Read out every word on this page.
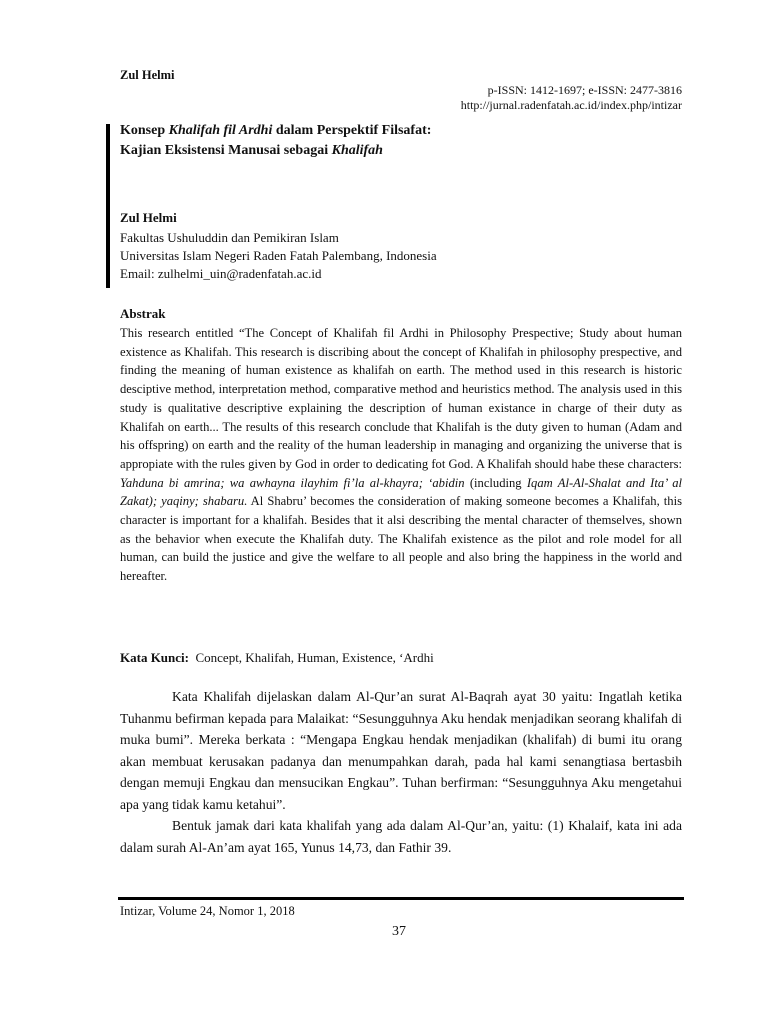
Zul Helmi
p-ISSN: 1412-1697; e-ISSN: 2477-3816
http://jurnal.radenfatah.ac.id/index.php/intizar
Konsep Khalifah fil Ardhi dalam Perspektif Filsafat:
Kajian Eksistensi Manusai sebagai Khalifah
Zul Helmi
Fakultas Ushuluddin dan Pemikiran Islam
Universitas Islam Negeri Raden Fatah Palembang, Indonesia
Email: zulhelmi_uin@radenfatah.ac.id
Abstrak

This research entitled “The Concept of Khalifah fil Ardhi in Philosophy Prespective; Study about human existence as Khalifah. This research is discribing about the concept of Khalifah in philosophy prespective, and finding the meaning of human existence as khalifah on earth. The method used in this research is historic desciptive method, interpretation method, comparative method and heuristics method. The analysis used in this study is qualitative descriptive explaining the description of human existance in charge of their duty as Khalifah on earth... The results of this research conclude that Khalifah is the duty given to human (Adam and his offspring) on earth and the reality of the human leadership in managing and organizing the universe that is appropiate with the rules given by God in order to dedicating fot God. A Khalifah should habe these characters: Yahduna bi amrina; wa awhayna ilayhim fi’la al-khayra; ‘abidin (including Iqam Al-Al-Shalat and Ita’ al Zakat); yaqiny; shabaru. Al Shabru’ becomes the consideration of making someone becomes a Khalifah, this character is important for a khalifah. Besides that it alsi describing the mental character of themselves, shown as the behavior when execute the Khalifah duty. The Khalifah existence as the pilot and role model for all human, can build the justice and give the welfare to all people and also bring the happiness in the world and hereafter.

Kata Kunci: Concept, Khalifah, Human, Existence, ‘Ardhi

Kata Khalifah dijelaskan dalam Al-Qur’an surat Al-Baqrah ayat 30 yaitu: Ingatlah ketika Tuhanmu befirman kepada para Malaikat: “Sesungguhnya Aku hendak menjadikan seorang khalifah di muka bumi”. Mereka berkata : “Mengapa Engkau hendak menjadikan (khalifah) di bumi itu orang akan membuat kerusakan padanya dan menumpahkan darah, pada hal kami senangtiasa bertasbih dengan memuji Engkau dan mensucikan Engkau”. Tuhan berfirman: “Sesungguhnya Aku mengetahui apa yang tidak kamu ketahui”.

Bentuk jamak dari kata khalifah yang ada dalam Al-Qur’an, yaitu: (1) Khalaif, kata ini ada dalam surah Al-An’am ayat 165, Yunus 14,73, dan Fathir 39.

Intizar, Volume 24, Nomor 1, 2018
37
